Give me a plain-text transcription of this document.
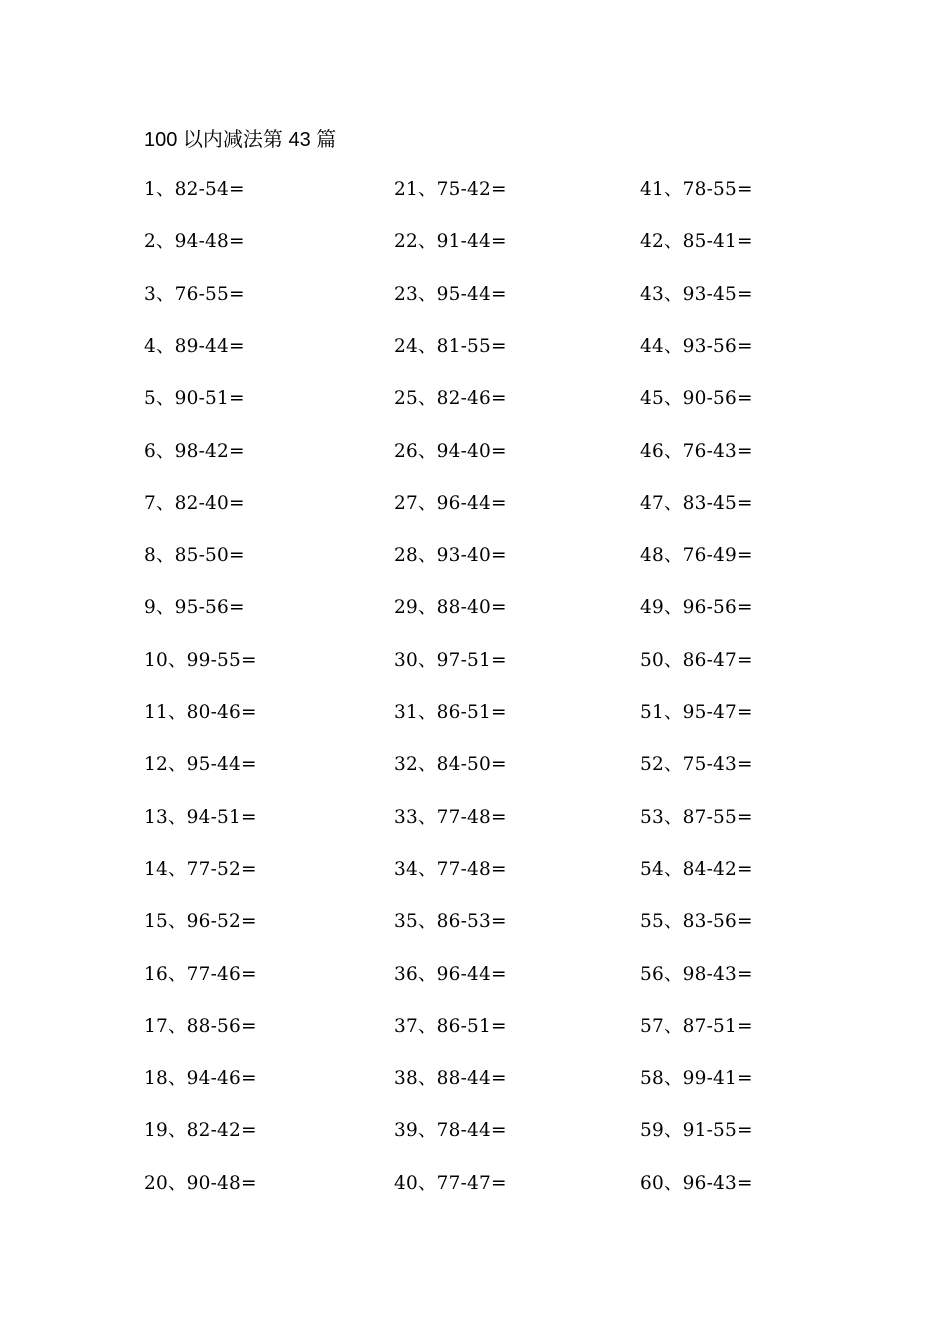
100 以内减法第 43 篇
1、82-54=
2、94-48=
3、76-55=
4、89-44=
5、90-51=
6、98-42=
7、82-40=
8、85-50=
9、95-56=
10、99-55=
11、80-46=
12、95-44=
13、94-51=
14、77-52=
15、96-52=
16、77-46=
17、88-56=
18、94-46=
19、82-42=
20、90-48=
21、75-42=
22、91-44=
23、95-44=
24、81-55=
25、82-46=
26、94-40=
27、96-44=
28、93-40=
29、88-40=
30、97-51=
31、86-51=
32、84-50=
33、77-48=
34、77-48=
35、86-53=
36、96-44=
37、86-51=
38、88-44=
39、78-44=
40、77-47=
41、78-55=
42、85-41=
43、93-45=
44、93-56=
45、90-56=
46、76-43=
47、83-45=
48、76-49=
49、96-56=
50、86-47=
51、95-47=
52、75-43=
53、87-55=
54、84-42=
55、83-56=
56、98-43=
57、87-51=
58、99-41=
59、91-55=
60、96-43=
